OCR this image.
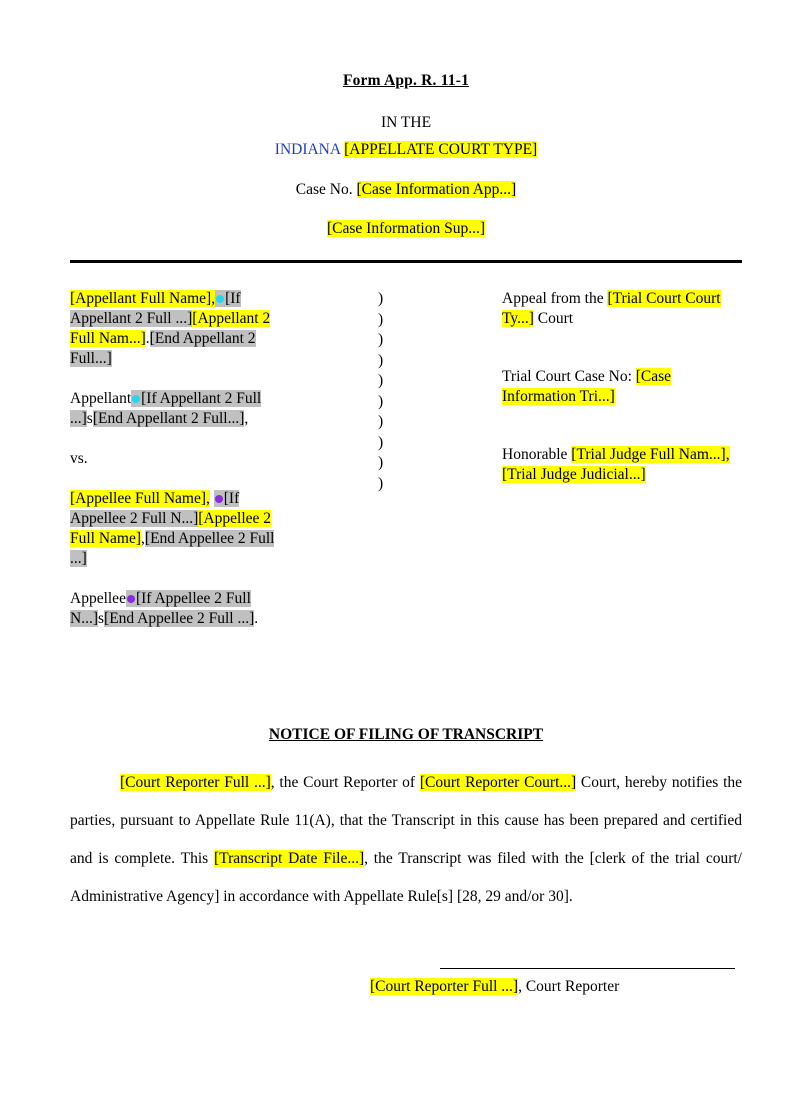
Form App. R. 11-1
IN THE
INDIANA [APPELLATE COURT TYPE]
Case No. [Case Information App...]
[Case Information Sup...]
[Appellant Full Name], [If Appellant 2 Full ...][Appellant 2 Full Nam...].[End Appellant 2 Full...]
Appellant [If Appellant 2 Full ...]s[End Appellant 2 Full...],
vs.
[Appellee Full Name], [If Appellee 2 Full N...][Appellee 2 Full Name],[End Appellee 2 Full ...]
Appellee [If Appellee 2 Full N...]s[End Appellee 2 Full ...].
)
)
)
)
)
)
)
)
)
)
Appeal from the [Trial Court Court Ty...] Court
Trial Court Case No: [Case Information Tri...]
Honorable [Trial Judge Full Nam...],
[Trial Judge Judicial...]
NOTICE OF FILING OF TRANSCRIPT
[Court Reporter Full ...], the Court Reporter of [Court Reporter Court...] Court, hereby notifies the parties, pursuant to Appellate Rule 11(A), that the Transcript in this cause has been prepared and certified and is complete. This [Transcript Date File...], the Transcript was filed with the [clerk of the trial court/ Administrative Agency] in accordance with Appellate Rule[s] [28, 29 and/or 30].
[Court Reporter Full ...], Court Reporter
